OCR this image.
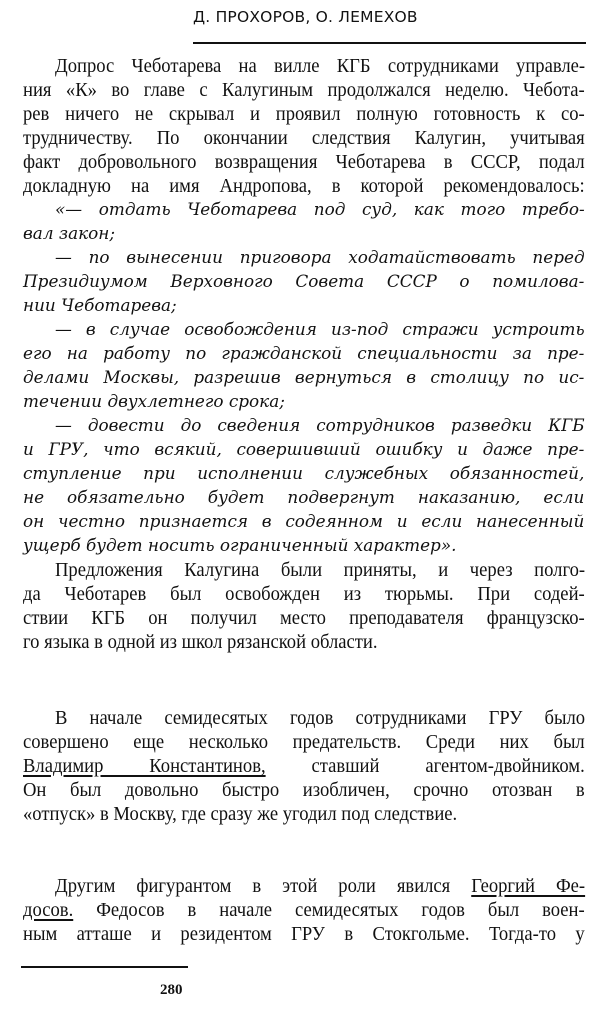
Д. ПРОХОРОВ, О. ЛЕМЕХОВ
Допрос Чеботарева на вилле КГБ сотрудниками управле-
ния «К» во главе с Калугиным продолжался неделю. Чебота-
рев ничего не скрывал и проявил полную готовность к со-
трудничеству. По окончании следствия Калугин, учитывая
факт добровольного возвращения Чеботарева в СССР, подал
докладную на имя Андропова, в которой рекомендовалось:
«— отдать Чеботарева под суд, как того требо-
вал закон;
— по вынесении приговора ходатайствовать перед
Президиумом Верховного Совета СССР о помилова-
нии Чеботарева;
— в случае освобождения из-под стражи устроить
его на работу по гражданской специальности за пре-
делами Москвы, разрешив вернуться в столицу по ис-
течении двухлетнего срока;
— довести до сведения сотрудников разведки КГБ
и ГРУ, что всякий, совершивший ошибку и даже пре-
ступление при исполнении служебных обязанностей,
не обязательно будет подвергнут наказанию, если
он честно признается в содеянном и если нанесенный
ущерб будет носить ограниченный характер».
Предложения Калугина были приняты, и через полго-
да Чеботарев был освобожден из тюрьмы. При содей-
ствии КГБ он получил место преподавателя французско-
го языка в одной из школ рязанской области.
В начале семидесятых годов сотрудниками ГРУ было
совершено еще несколько предательств. Среди них был
Владимир Константинов, ставший агентом-двойником.
Он был довольно быстро изобличен, срочно отозван в
«отпуск» в Москву, где сразу же угодил под следствие.
Другим фигурантом в этой роли явился Георгий Фе-
досов. Федосов в начале семидесятых годов был воен-
ным атташе и резидентом ГРУ в Стокгольме. Тогда-то у
280
